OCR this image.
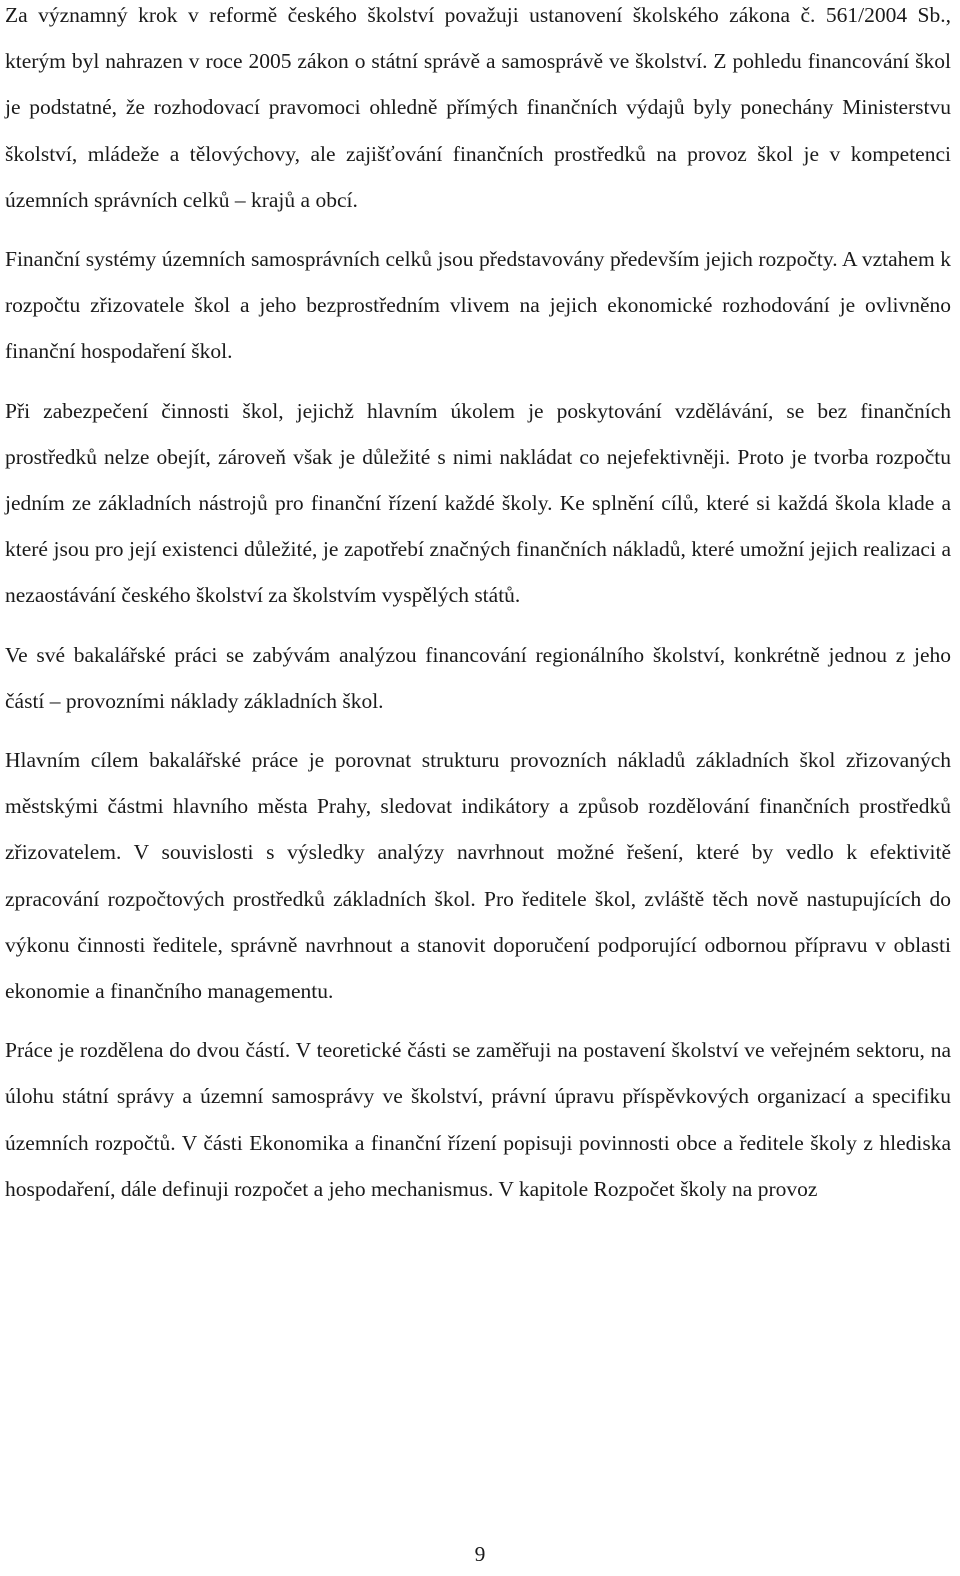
Za významný krok v reformě českého školství považuji ustanovení školského zákona č. 561/2004 Sb., kterým byl nahrazen v roce 2005 zákon o státní správě a samosprávě ve školství. Z pohledu financování škol je podstatné, že rozhodovací pravomoci ohledně přímých finančních výdajů byly ponechány Ministerstvu školství, mládeže a tělovýchovy, ale zajišťování finančních prostředků na provoz škol je v kompetenci územních správních celků – krajů a obcí.

Finanční systémy územních samosprávních celků jsou představovány především jejich rozpočty. A vztahem k rozpočtu zřizovatele škol a jeho bezprostředním vlivem na jejich ekonomické rozhodování je ovlivněno finanční hospodaření škol.

Při zabezpečení činnosti škol, jejichž hlavním úkolem je poskytování vzdělávání, se bez finančních prostředků nelze obejít, zároveň však je důležité s nimi nakládat co nejefektivněji. Proto je tvorba rozpočtu jedním ze základních nástrojů pro finanční řízení každé školy. Ke splnění cílů, které si každá škola klade a které jsou pro její existenci důležité, je zapotřebí značných finančních nákladů, které umožní jejich realizaci a nezaostávání českého školství za školstvím vyspělých států.

Ve své bakalářské práci se zabývám analýzou financování regionálního školství, konkrétně jednou z jeho částí – provozními náklady základních škol.

Hlavním cílem bakalářské práce je porovnat strukturu provozních nákladů základních škol zřizovaných městskými částmi hlavního města Prahy, sledovat indikátory a způsob rozdělování finančních prostředků zřizovatelem. V souvislosti s výsledky analýzy navrhnout možné řešení, které by vedlo k efektivitě zpracování rozpočtových prostředků základních škol. Pro ředitele škol, zvláště těch nově nastupujících do výkonu činnosti ředitele, správně navrhnout a stanovit doporučení podporující odbornou přípravu v oblasti ekonomie a finančního managementu.

Práce je rozdělena do dvou částí. V teoretické části se zaměřuji na postavení školství ve veřejném sektoru, na úlohu státní správy a územní samosprávy ve školství, právní úpravu příspěvkových organizací a specifiku územních rozpočtů. V části Ekonomika a finanční řízení popisuji povinnosti obce a ředitele školy z hlediska hospodaření, dále definuji rozpočet a jeho mechanismus. V kapitole Rozpočet školy na provoz

9
